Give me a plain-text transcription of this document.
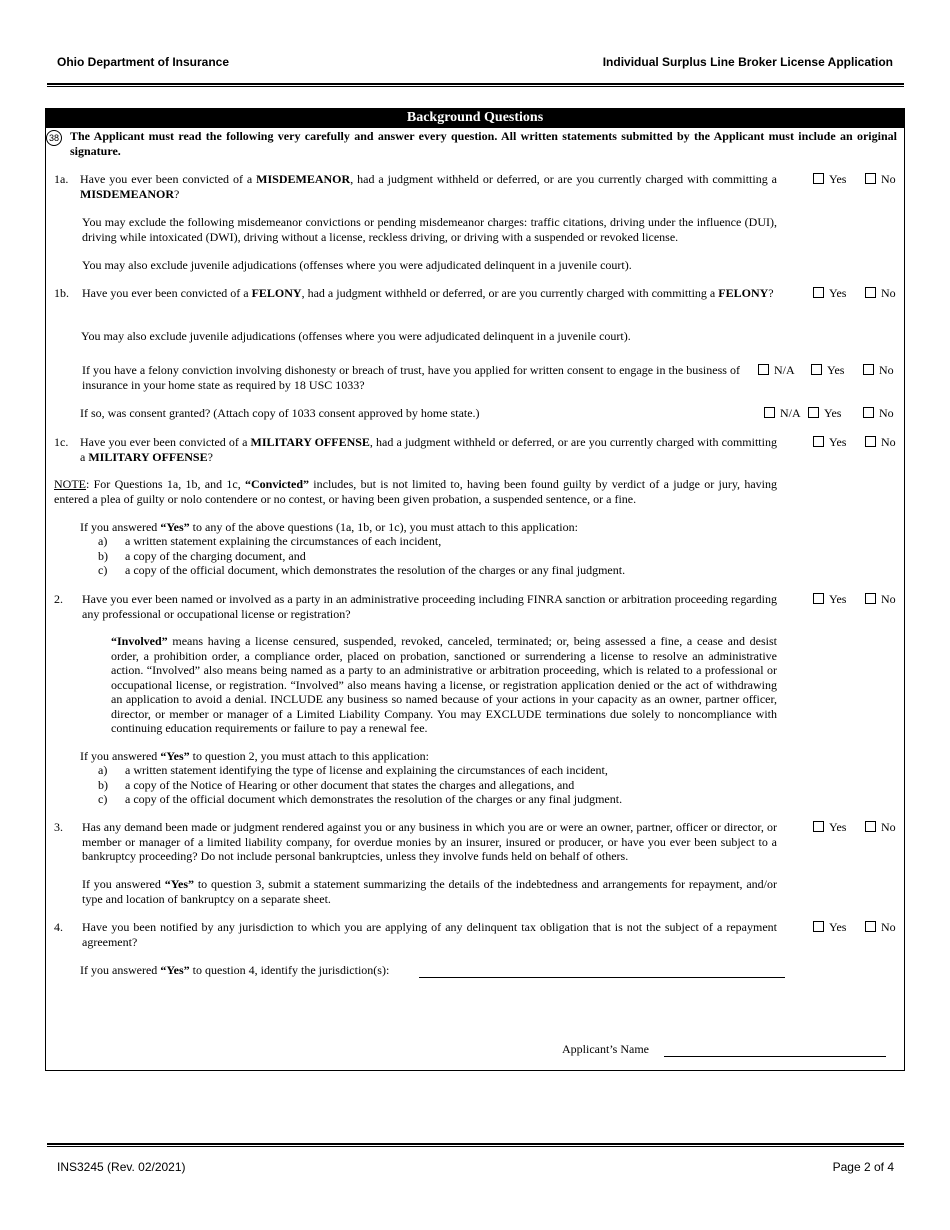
Ohio Department of Insurance	Individual Surplus Line Broker License Application
Background Questions
38 The Applicant must read the following very carefully and answer every question. All written statements submitted by the Applicant must include an original signature.
1a. Have you ever been convicted of a MISDEMEANOR, had a judgment withheld or deferred, or are you currently charged with committing a MISDEMEANOR?
Yes	No
You may exclude the following misdemeanor convictions or pending misdemeanor charges: traffic citations, driving under the influence (DUI), driving while intoxicated (DWI), driving without a license, reckless driving, or driving with a suspended or revoked license.
You may also exclude juvenile adjudications (offenses where you were adjudicated delinquent in a juvenile court).
1b. Have you ever been convicted of a FELONY, had a judgment withheld or deferred, or are you currently charged with committing a FELONY?	Yes	No
You may also exclude juvenile adjudications (offenses where you were adjudicated delinquent in a juvenile court).
If you have a felony conviction involving dishonesty or breach of trust, have you applied for written consent to engage in the business of insurance in your home state as required by 18 USC 1033?
N/A	Yes	No
If so, was consent granted? (Attach copy of 1033 consent approved by home state.)	N/A	Yes	No
1c. Have you ever been convicted of a MILITARY OFFENSE, had a judgment withheld or deferred, or are you currently charged with committing a MILITARY OFFENSE?
Yes	No
NOTE: For Questions 1a, 1b, and 1c, “Convicted” includes, but is not limited to, having been found guilty by verdict of a judge or jury, having entered a plea of guilty or nolo contendere or no contest, or having been given probation, a suspended sentence, or a fine.
If you answered “Yes” to any of the above questions (1a, 1b, or 1c), you must attach to this application:
a) a written statement explaining the circumstances of each incident,
b) a copy of the charging document, and
c) a copy of the official document, which demonstrates the resolution of the charges or any final judgment.
2. Have you ever been named or involved as a party in an administrative proceeding including FINRA sanction or arbitration proceeding regarding any professional or occupational license or registration?
Yes	No
“Involved” means having a license censured, suspended, revoked, canceled, terminated; or, being assessed a fine, a cease and desist order, a prohibition order, a compliance order, placed on probation, sanctioned or surrendering a license to resolve an administrative action. “Involved” also means being named as a party to an administrative or arbitration proceeding, which is related to a professional or occupational license, or registration. “Involved” also means having a license, or registration application denied or the act of withdrawing an application to avoid a denial. INCLUDE any business so named because of your actions in your capacity as an owner, partner officer, director, or member or manager of a Limited Liability Company. You may EXCLUDE terminations due solely to noncompliance with continuing education requirements or failure to pay a renewal fee.
If you answered “Yes” to question 2, you must attach to this application:
a) a written statement identifying the type of license and explaining the circumstances of each incident,
b) a copy of the Notice of Hearing or other document that states the charges and allegations, and
c) a copy of the official document which demonstrates the resolution of the charges or any final judgment.
3. Has any demand been made or judgment rendered against you or any business in which you are or were an owner, partner, officer or director, or member or manager of a limited liability company, for overdue monies by an insurer, insured or producer, or have you ever been subject to a bankruptcy proceeding? Do not include personal bankruptcies, unless they involve funds held on behalf of others.
Yes	No
If you answered “Yes” to question 3, submit a statement summarizing the details of the indebtedness and arrangements for repayment, and/or type and location of bankruptcy on a separate sheet.
4. Have you been notified by any jurisdiction to which you are applying of any delinquent tax obligation that is not the subject of a repayment agreement?
Yes	No
If you answered “Yes” to question 4, identify the jurisdiction(s):
Applicant’s Name
INS3245 (Rev. 02/2021)	Page 2 of 4
